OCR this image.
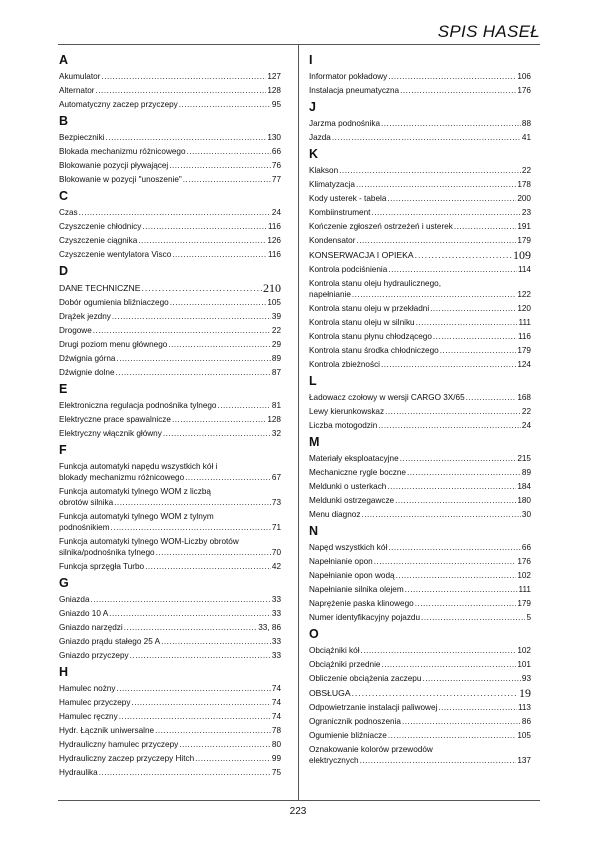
SPIS HASEŁ
A
Akumulator .....	127
Alternator .....	128
Automatyczny zaczep przyczepy .....	95
B
Bezpieczniki .....	130
Blokada mechanizmu różnicowego .....	66
Blokowanie pozycji pływającej .....	76
Blokowanie w pozycji "unoszenie" .....	77
C
Czas .....	24
Czyszczenie chłodnicy .....	116
Czyszczenie ciągnika .....	126
Czyszczenie wentylatora Visco .....	116
D
DANE TECHNICZNE .....	210
Dobór ogumienia bliźniaczego .....	105
Drążek jezdny .....	39
Drogowe .....	22
Drugi poziom menu głównego .....	29
Dźwignia górna .....	89
Dźwignie dolne .....	87
E
Elektroniczna regulacja podnośnika tylnego .....	81
Elektryczne prace spawalnicze .....	128
Elektryczny włącznik główny .....	32
F
Funkcja automatyki napędu wszystkich kół i
blokady mechanizmu różnicowego .....	67
Funkcja automatyki tylnego WOM z liczbą
obrotów silnika .....	73
Funkcja automatyki tylnego WOM z tylnym
podnośnikiem .....	71
Funkcja automatyki tylnego WOM-Liczby obrotów
silnika/podnośnika tylnego .....	70
Funkcja sprzęgła Turbo .....	42
G
Gniazda .....	33
Gniazdo 10 A .....	33
Gniazdo narzędzi .....	33, 86
Gniazdo prądu stałego 25 A .....	33
Gniazdo przyczepy .....	33
H
Hamulec nożny .....	74
Hamulec przyczepy .....	74
Hamulec ręczny .....	74
Hydr. Łącznik uniwersalne .....	78
Hydrauliczny hamulec przyczepy .....	80
Hydrauliczny zaczep przyczepy Hitch .....	99
Hydraulika .....	75
I
Informator pokładowy .....	106
Instalacja pneumatyczna .....	176
J
Jarzma podnośnika .....	88
Jazda .....	41
K
Klakson .....	22
Klimatyzacja .....	178
Kody usterek - tabela .....	200
Kombiinstrument .....	23
Kończenie zgłoszeń ostrzeżeń i usterek .....	191
Kondensator .....	179
KONSERWACJA I OPIEKA .....	109
Kontrola podciśnienia .....	114
Kontrola stanu oleju hydraulicznego,
napełnianie .....	122
Kontrola stanu oleju w przekładni .....	120
Kontrola stanu oleju w silniku .....	111
Kontrola stanu płynu chłodzącego .....	116
Kontrola stanu środka chłodniczego .....	179
Kontrola zbieżności .....	124
L
Ładowacz czołowy w wersji CARGO 3X/65 .....	168
Lewy kierunkowskaz .....	22
Liczba motogodzin .....	24
M
Materiały eksploatacyjne .....	215
Mechaniczne rygle boczne .....	89
Meldunki o usterkach .....	184
Meldunki ostrzegawcze .....	180
Menu diagnoz .....	30
N
Napęd wszystkich kół .....	66
Napełnianie opon .....	176
Napełnianie opon wodą .....	102
Napełnianie silnika olejem .....	111
Naprężenie paska klinowego .....	179
Numer identyfikacyjny pojazdu .....	5
O
Obciążniki kół .....	102
Obciążniki przednie .....	101
Obliczenie obciążenia zaczepu .....	93
OBSŁUGA .....	19
Odpowietrzanie instalacji paliwowej .....	113
Ogranicznik podnoszenia .....	86
Ogumienie bliźniacze .....	105
Oznakowanie kolorów przewodów
elektrycznych .....	137
223
